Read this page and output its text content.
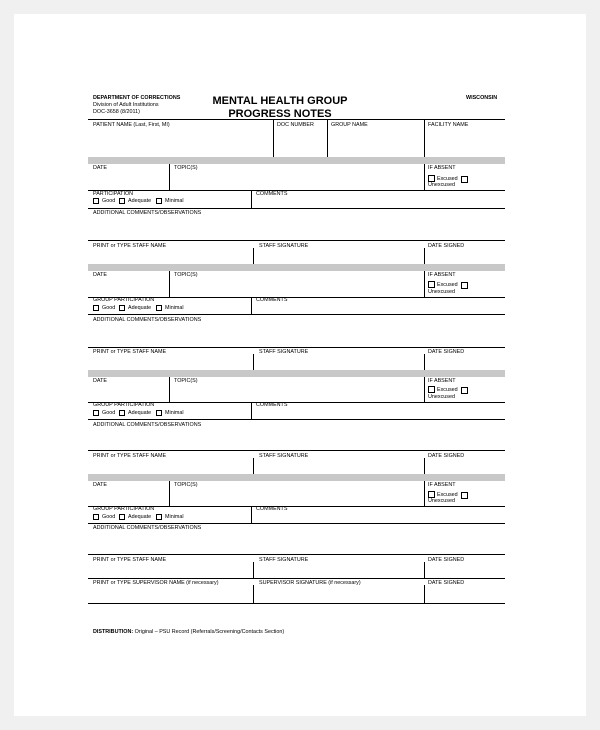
DEPARTMENT OF CORRECTIONS
Division of Adult Institutions
DOC-3658 (8/2011)
MENTAL HEALTH GROUP
PROGRESS NOTES
WISCONSIN
PATIENT NAME (Last, First, MI)	DOC NUMBER	GROUP NAME	FACILITY NAME
DATE	TOPIC(S)	IF ABSENT
Excused
Unexcused
PARTICIPATION	COMMENTS
Good Adequate	Minimal
ADDITIONAL COMMENTS/OBSERVATIONS
PRINT or TYPE STAFF NAME	STAFF SIGNATURE	DATE SIGNED
DATE	TOPIC(S)	IF ABSENT
Excused
Unexcused
GROUP PARTICIPATION	COMMENTS
Good Adequate	Minimal
ADDITIONAL COMMENTS/OBSERVATIONS
PRINT or TYPE STAFF NAME	STAFF SIGNATURE	DATE SIGNED
DATE	TOPIC(S)	IF ABSENT
Excused
Unexcused
GROUP PARTICIPATION	COMMENTS
Good Adequate	Minimal
ADDITIONAL COMMENTS/OBSERVATIONS
PRINT or TYPE STAFF NAME	STAFF SIGNATURE	DATE SIGNED
DATE	TOPIC(S)	IF ABSENT
Excused
Unexcused
GROUP PARTICIPATION	COMMENTS
Good Adequate	Minimal
ADDITIONAL COMMENTS/OBSERVATIONS
PRINT or TYPE STAFF NAME	STAFF SIGNATURE	DATE SIGNED
PRINT or TYPE SUPERVISOR NAME (if necessary)	SUPERVISOR SIGNATURE (if necessary)	DATE SIGNED
DISTRIBUTION: Original – PSU Record (Referrals/Screening/Contacts Section)
